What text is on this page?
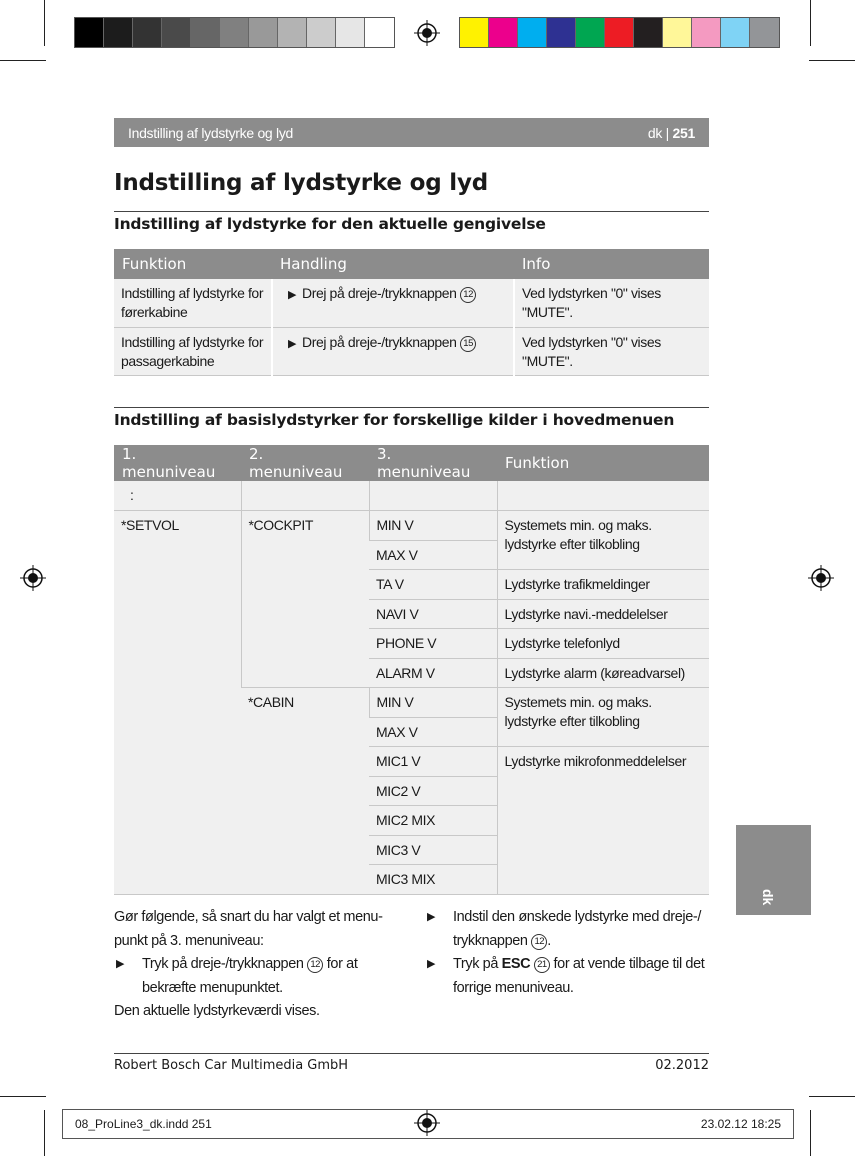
Indstilling af lydstyrke og lyd	dk | 251
Indstilling af lydstyrke og lyd
Indstilling af lydstyrke for den aktuelle gengivelse
Funktion	Handling	Info
Indstilling af lydstyrke for førerkabine	▶ Drej på dreje-/trykknappen 12	Ved lydstyrken "0" vises "MUTE".
Indstilling af lydstyrke for passagerkabine	▶ Drej på dreje-/trykknappen 15	Ved lydstyrken "0" vises "MUTE".
Indstilling af basislydstyrker for forskellige kilder i hovedmenuen
1. menuniveau	2. menuniveau	3. menuniveau	Funktion
:			
*SETVOL	*COCKPIT	MIN V	Systemets min. og maks. lydstyrke efter tilkobling
		MAX V	
		TA V	Lydstyrke trafikmeldinger
		NAVI V	Lydstyrke navi.-meddelelser
		PHONE V	Lydstyrke telefonlyd
		ALARM V	Lydstyrke alarm (køreadvarsel)
	*CABIN	MIN V	Systemets min. og maks. lydstyrke efter tilkobling
		MAX V	
		MIC1 V	Lydstyrke mikrofonmeddelelser
		MIC2 V	
		MIC2 MIX	
		MIC3 V	
		MIC3 MIX	

Gør følgende, så snart du har valgt et menu-punkt på 3. menuniveau:

▶	Tryk på dreje-/trykknappen 12 for at bekræfte menupunktet.

Den aktuelle lydstyrkeværdi vises.

▶	Indstil den ønskede lydstyrke med dreje-/ trykknappen 12 .
▶	Tryk på ESC 21 for at vende tilbage til det forrige menuniveau.
dk
Robert Bosch Car Multimedia GmbH	02.2012
08_ProLine3_dk.indd 251	23.02.12 18:25
